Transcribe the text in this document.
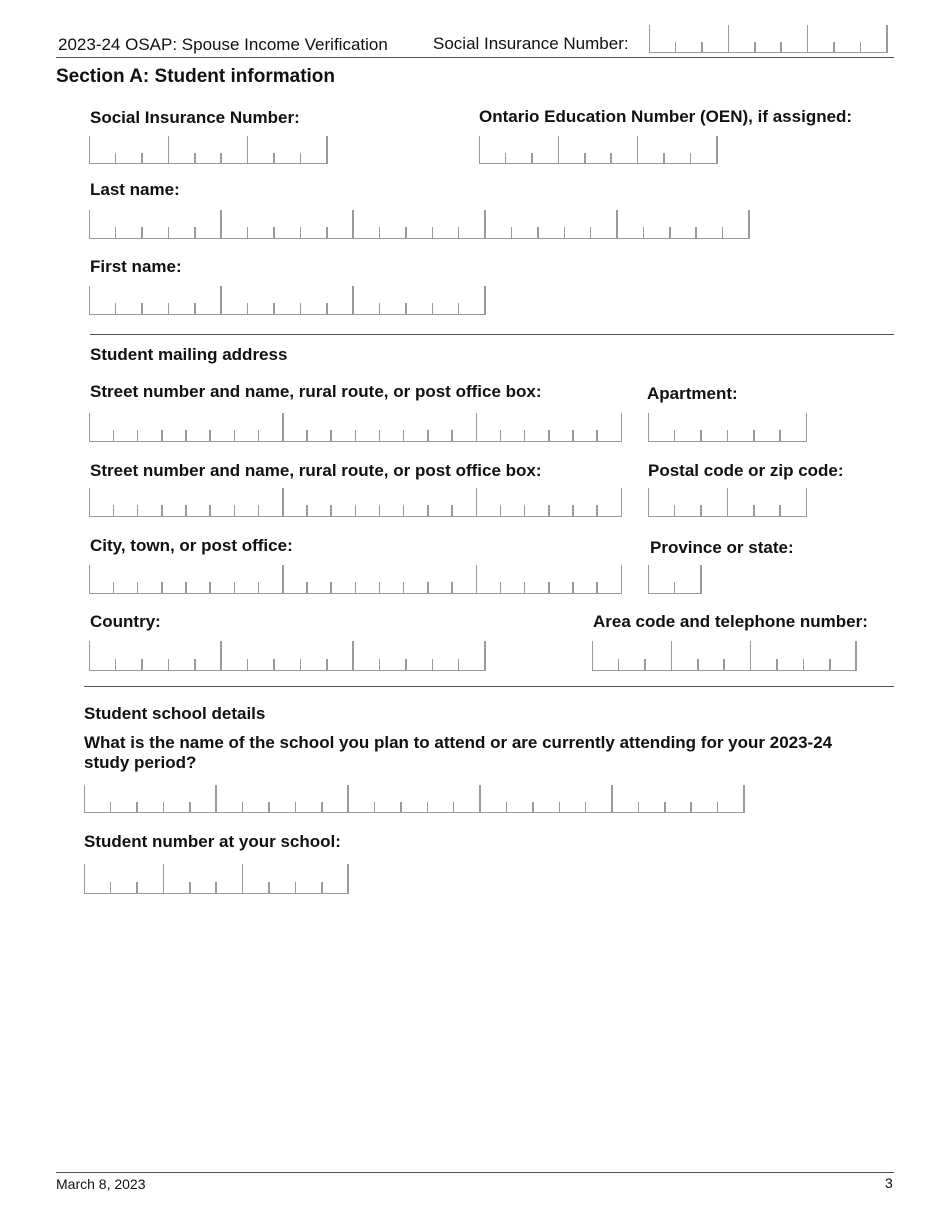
2023-24 OSAP: Spouse Income Verification	Social Insurance Number:
Section A: Student information
Social Insurance Number:	Ontario Education Number (OEN), if assigned:
Last name:
First name:
Student mailing address
Street number and name, rural route, or post office box:	Apartment:
Street number and name, rural route, or post office box:	Postal code or zip code:
City, town, or post office:	Province or state:
Country:	Area code and telephone number:
Student school details
What is the name of the school you plan to attend or are currently attending for your 2023-24 study period?
Student number at your school:
March 8, 2023	3
